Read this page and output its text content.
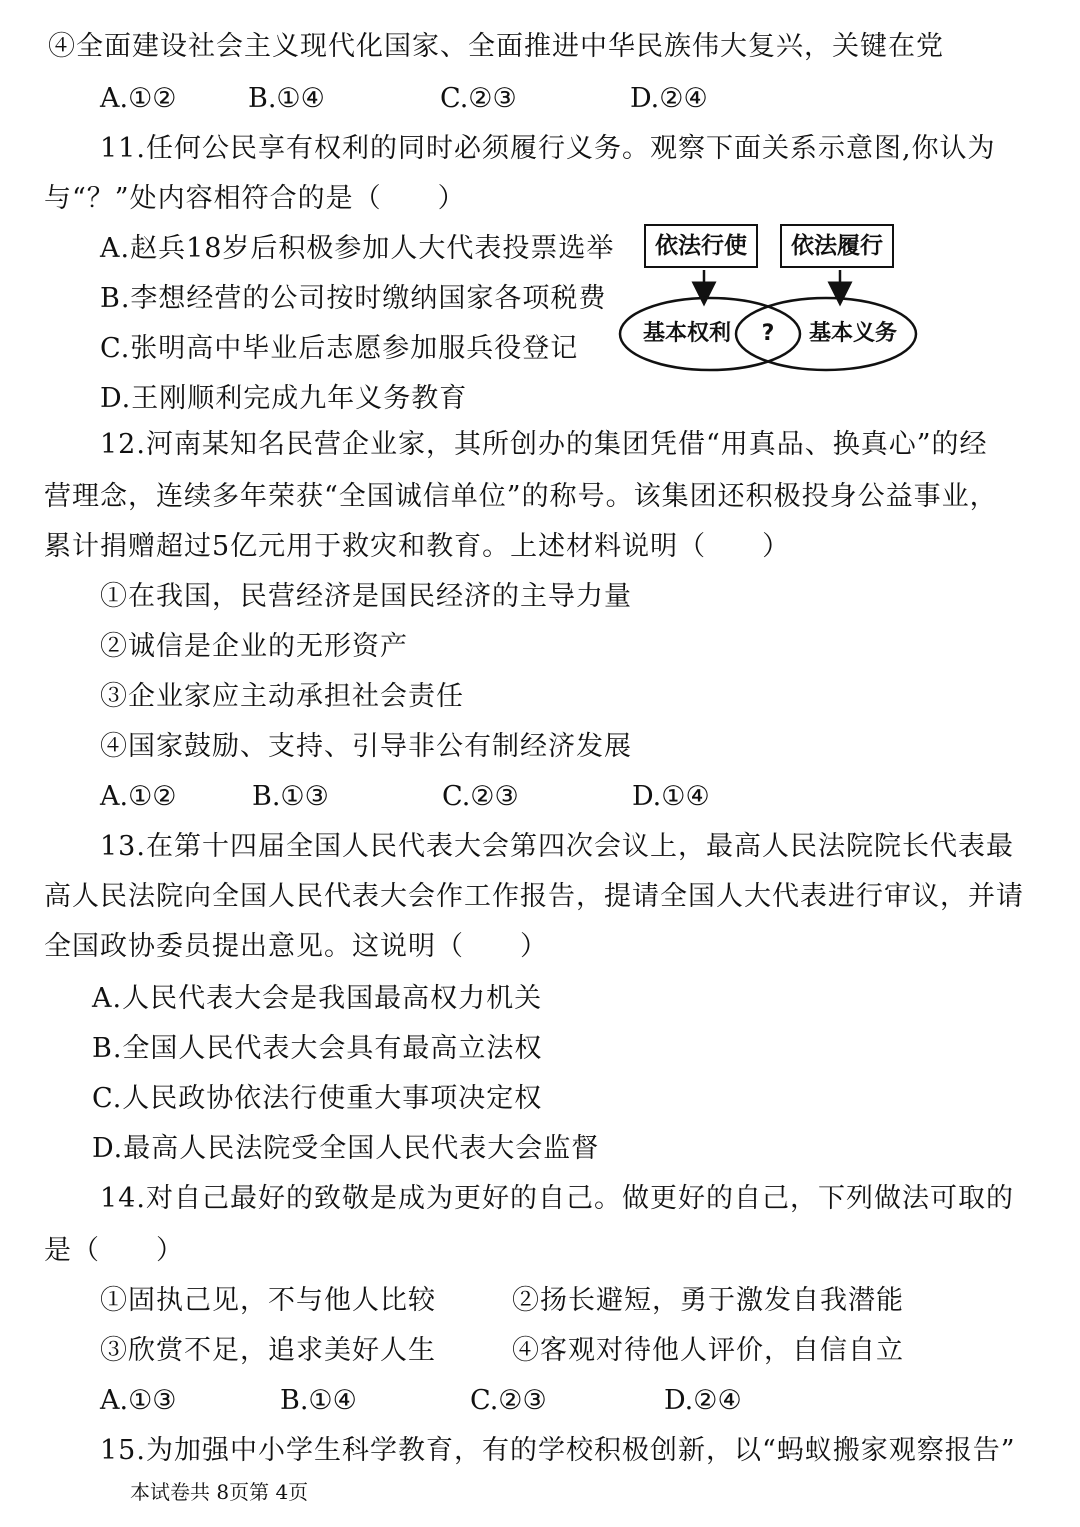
④全面建设社会主义现代化国家、全面推进中华民族伟大复兴，关键在党
A.①②	B.①④	C.②③	D.②④
11.任何公民享有权利的同时必须履行义务。观察下面关系示意图,你认为
与“？”处内容相符合的是（　　）
A.赵兵18岁后积极参加人大代表投票选举
B.李想经营的公司按时缴纳国家各项税费
C.张明高中毕业后志愿参加服兵役登记
D.王刚顺利完成九年义务教育
依法行使	依法履行
基本权利	?	基本义务
12.河南某知名民营企业家，其所创办的集团凭借“用真品、换真心”的经
营理念，连续多年荣获“全国诚信单位”的称号。该集团还积极投身公益事业，
累计捐赠超过5亿元用于救灾和教育。上述材料说明（　　）
①在我国，民营经济是国民经济的主导力量
②诚信是企业的无形资产
③企业家应主动承担社会责任
④国家鼓励、支持、引导非公有制经济发展
A.①②	B.①③	C.②③	D.①④
13.在第十四届全国人民代表大会第四次会议上，最高人民法院院长代表最
高人民法院向全国人民代表大会作工作报告，提请全国人大代表进行审议，并请
全国政协委员提出意见。这说明（　　）
A.人民代表大会是我国最高权力机关
B.全国人民代表大会具有最高立法权
C.人民政协依法行使重大事项决定权
D.最高人民法院受全国人民代表大会监督
14.对自己最好的致敬是成为更好的自己。做更好的自己，下列做法可取的
是（　　）
①固执己见，不与他人比较	②扬长避短，勇于激发自我潜能
③欣赏不足，追求美好人生	④客观对待他人评价，自信自立
A.①③	B.①④	C.②③	D.②④
15.为加强中小学生科学教育，有的学校积极创新，以“蚂蚁搬家观察报告”
本试卷共 8页第 4页
